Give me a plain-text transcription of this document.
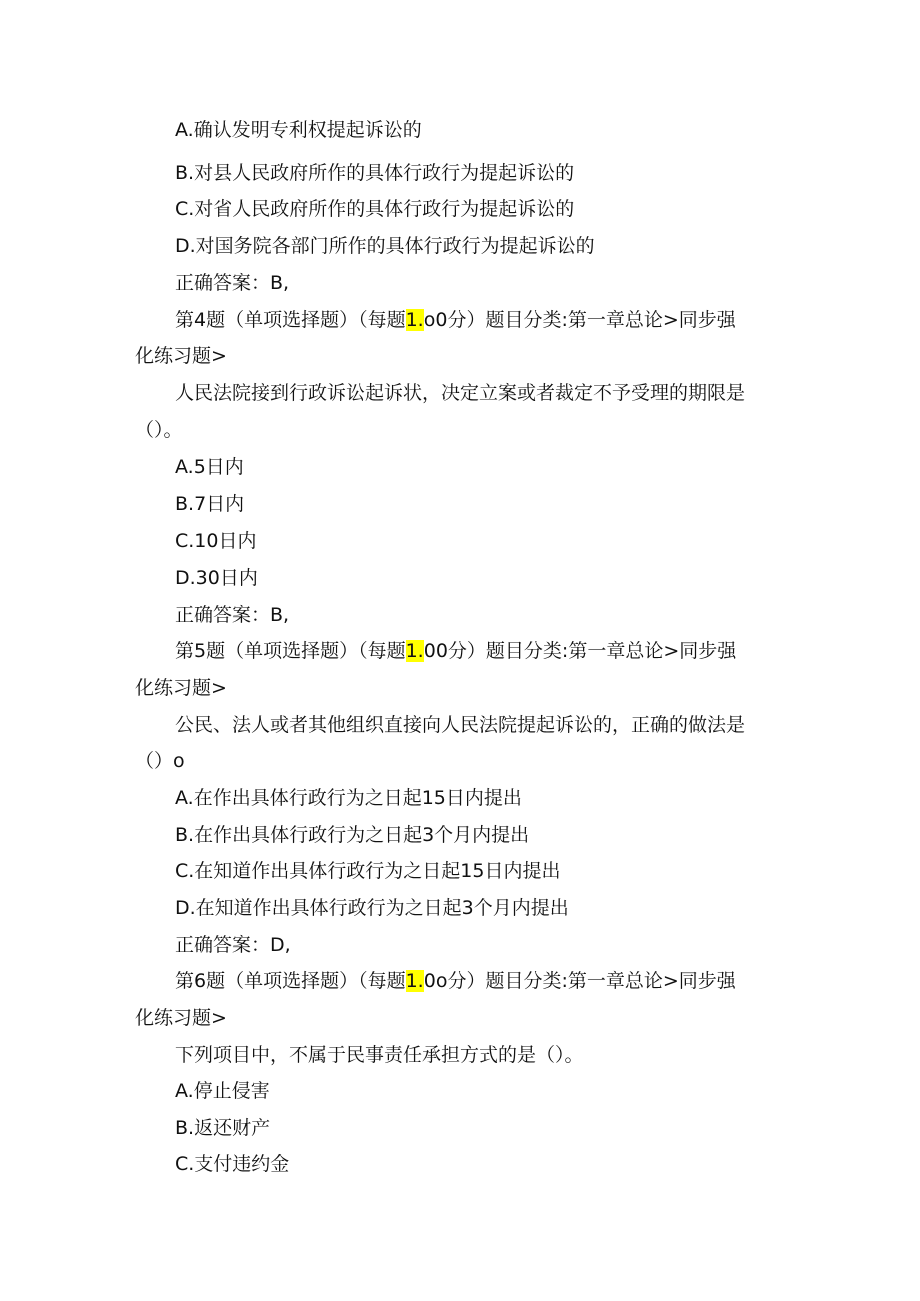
A.确认发明专利权提起诉讼的
B.对县人民政府所作的具体行政行为提起诉讼的
C.对省人民政府所作的具体行政行为提起诉讼的
D.对国务院各部门所作的具体行政行为提起诉讼的
正确答案：B,
第4题（单项选择题）（每题1.o0分）题目分类:第一章总论>同步强
化练习题>
人民法院接到行政诉讼起诉状，决定立案或者裁定不予受理的期限是
（）。
A.5日内
B.7日内
C.10日内
D.30日内
正确答案：B,
第5题（单项选择题）（每题1.00分）题目分类:第一章总论>同步强
化练习题>
公民、法人或者其他组织直接向人民法院提起诉讼的，正确的做法是
（）o
A.在作出具体行政行为之日起15日内提出
B.在作出具体行政行为之日起3个月内提出
C.在知道作出具体行政行为之日起15日内提出
D.在知道作出具体行政行为之日起3个月内提出
正确答案：D,
第6题（单项选择题）（每题1.0o分）题目分类:第一章总论>同步强
化练习题>
下列项目中，不属于民事责任承担方式的是（）。
A.停止侵害
B.返还财产
C.支付违约金
